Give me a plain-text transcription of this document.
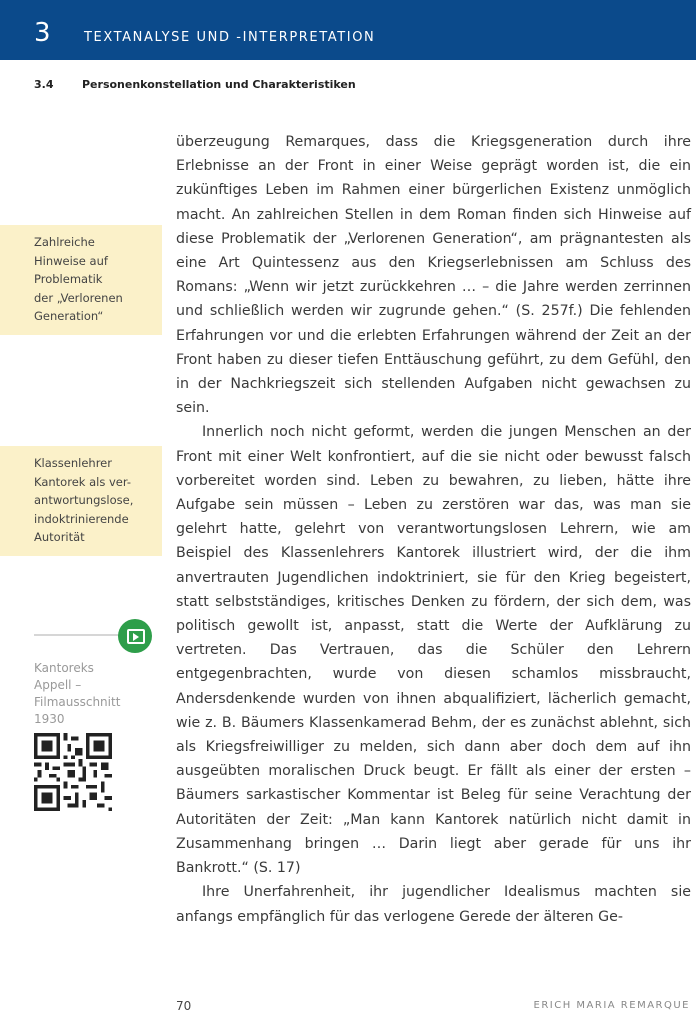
3	TEXTANALYSE UND -INTERPRETATION
3.4	Personenkonstellation und Charakteristiken
Zahlreiche
Hinweise auf
Problematik
der „Verlorenen
Generation“
Klassenlehrer
Kantorek als ver-
antwortungslose,
indoktrinierende
Autorität
Kantoreks
Appell –
Filmausschnitt
1930

überzeugung Remarques, dass die Kriegsgeneration durch ihre Erlebnisse an der Front in einer Weise geprägt worden ist, die ein zukünftiges Leben im Rahmen einer bürgerlichen Existenz unmöglich macht. An zahlreichen Stellen in dem Roman finden sich Hinweise auf diese Problematik der „Verlorenen Generation“, am prägnantesten als eine Art Quintessenz aus den Kriegserlebnissen am Schluss des Romans: „Wenn wir jetzt zurückkehren … – die Jahre werden zerrinnen und schließlich werden wir zugrunde gehen.“ (S. 257f.) Die fehlenden Erfahrungen vor und die erlebten Erfahrungen während der Zeit an der Front haben zu dieser tiefen Enttäuschung geführt, zu dem Gefühl, den in der Nachkriegszeit sich stellenden Aufgaben nicht gewachsen zu sein.

Innerlich noch nicht geformt, werden die jungen Menschen an der Front mit einer Welt konfrontiert, auf die sie nicht oder bewusst falsch vorbereitet worden sind. Leben zu bewahren, zu lieben, hätte ihre Aufgabe sein müssen – Leben zu zerstören war das, was man sie gelehrt hatte, gelehrt von verantwortungslosen Lehrern, wie am Beispiel des Klassenlehrers Kantorek illustriert wird, der die ihm anvertrauten Jugendlichen indoktriniert, sie für den Krieg begeistert, statt selbstständiges, kritisches Denken zu fördern, der sich dem, was politisch gewollt ist, anpasst, statt die Werte der Aufklärung zu vertreten. Das Vertrauen, das die Schüler den Lehrern entgegenbrachten, wurde von diesen schamlos missbraucht, Andersdenkende wurden von ihnen abqualifiziert, lächerlich gemacht, wie z. B. Bäumers Klassenkamerad Behm, der es zunächst ablehnt, sich als Kriegsfreiwilliger zu melden, sich dann aber doch dem auf ihn ausgeübten moralischen Druck beugt. Er fällt als einer der ersten – Bäumers sarkastischer Kommentar ist Beleg für seine Verachtung der Autoritäten der Zeit: „Man kann Kantorek natürlich nicht damit in Zusammenhang bringen … Darin liegt aber gerade für uns ihr Bankrott.“ (S. 17)

Ihre Unerfahrenheit, ihr jugendlicher Idealismus machten sie anfangs empfänglich für das verlogene Gerede der älteren Ge-

70	ERICH MARIA REMARQUE
